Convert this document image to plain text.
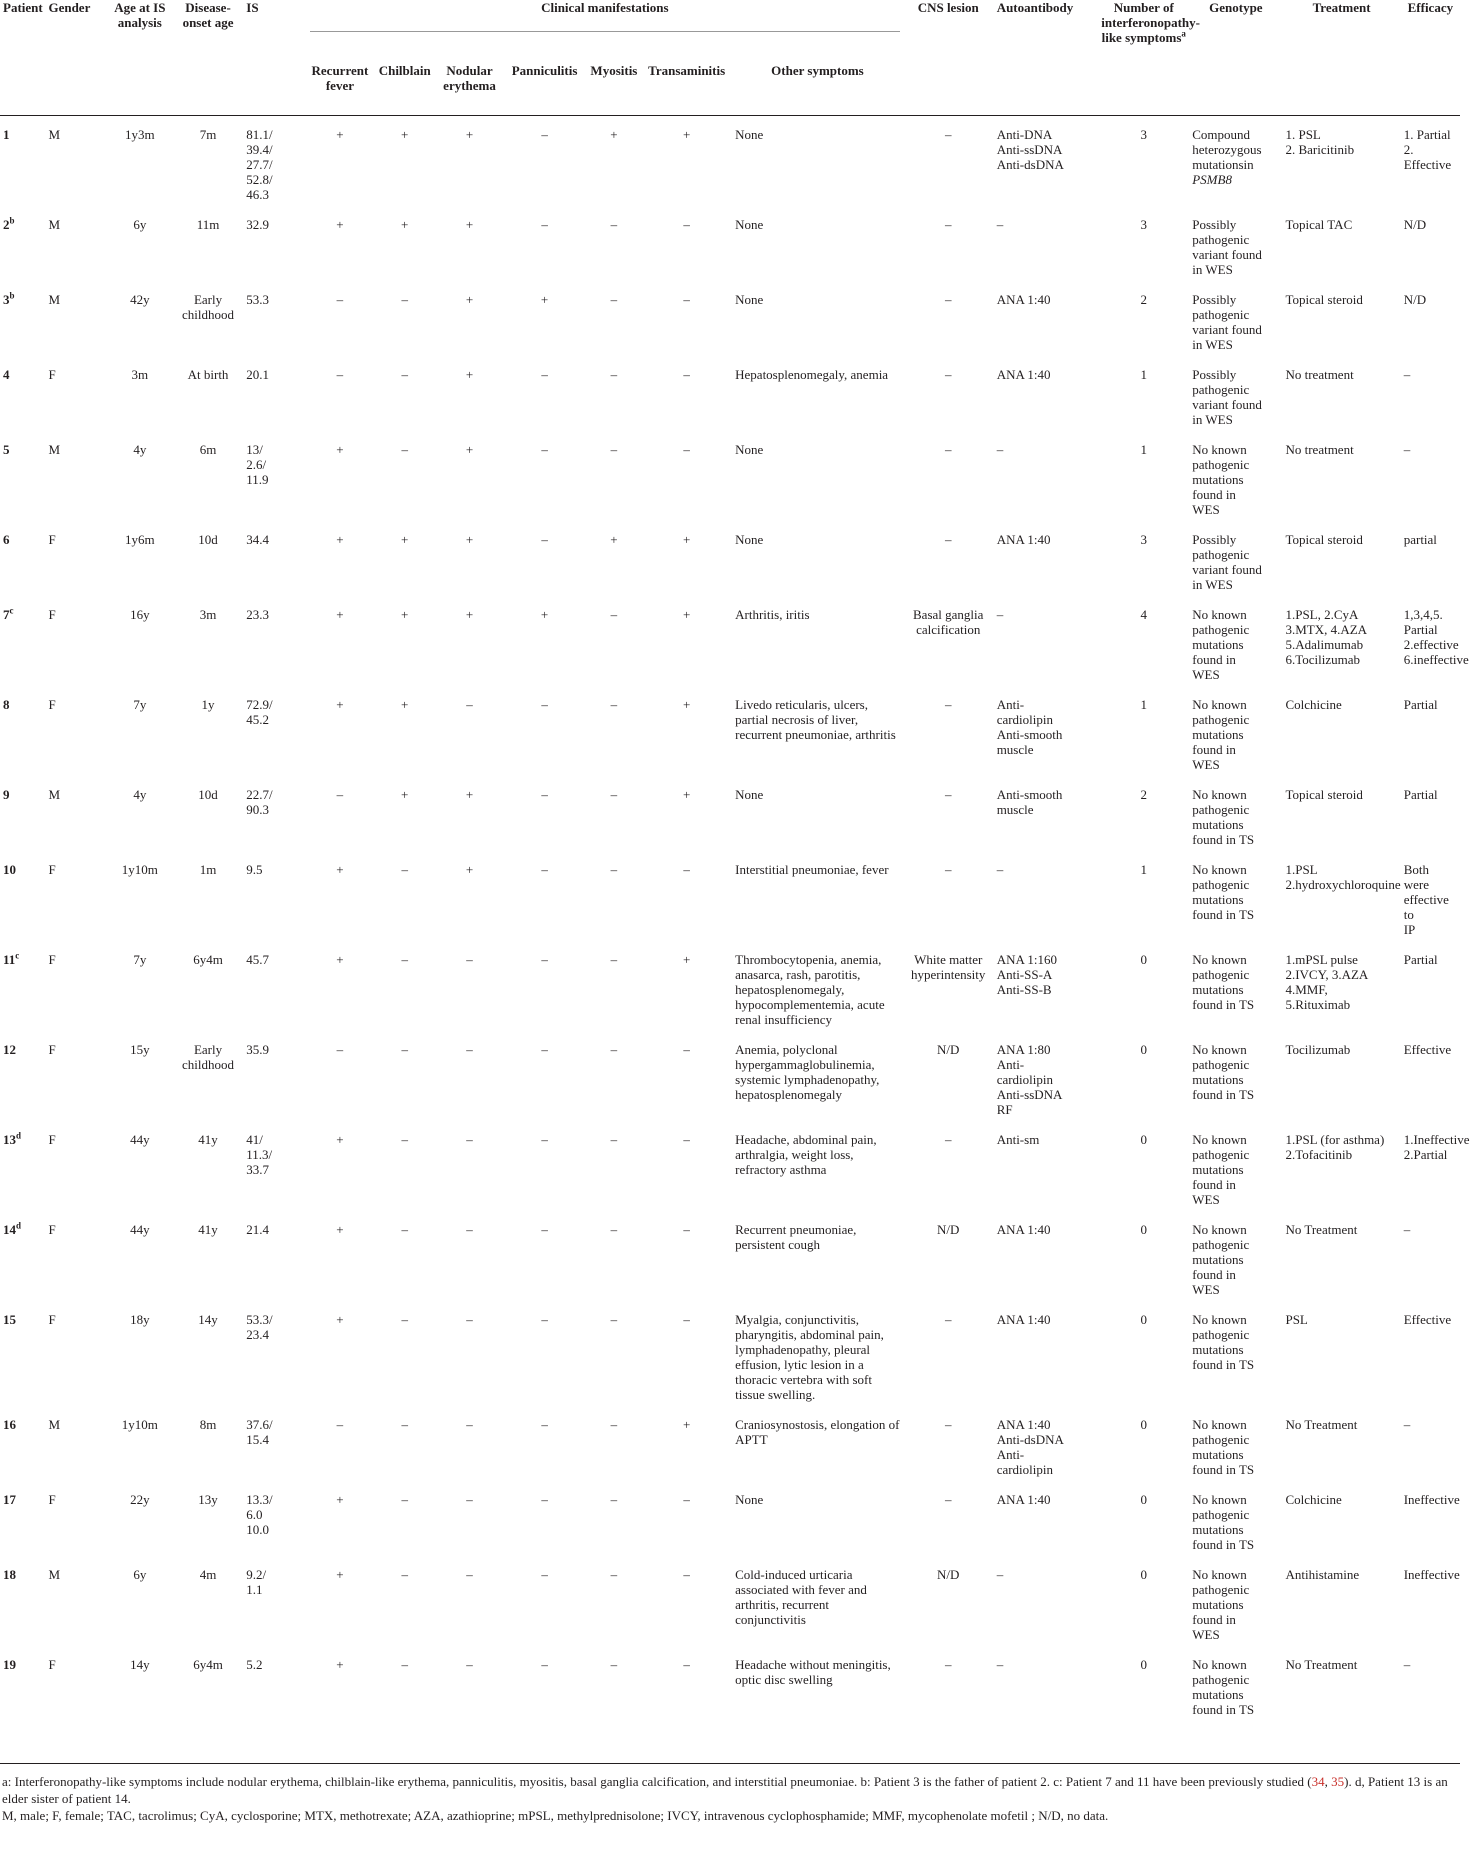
Patient	Gender	Age at IS analysis	Disease-onset age	IS	Clinical manifestations							CNS lesion	Autoantibody	Number of interferonopathy-like symptoms$^a$	Genotype	Treatment	Efficacy
					Recurrent fever	Chilblain	Nodular erythema	Panniculitis	Myositis	Transaminitis	Other symptoms						
1	M	1y3m	7m	81.1/
39.4/
27.7/
52.8/
46.3	+	+	+	–	+	+	None	–	Anti-DNA
Anti-ssDNA
Anti-dsDNA	3	Compound
heterozygous
mutationsin
PSMB8	1. PSL
2. Baricitinib	1. Partial
2. Effective

2$^b$	M	6y	11m	32.9	+	+	+	–	–	–	None	–	–	3	Possibly
pathogenic
variant found
in WES	Topical TAC	N/D

3$^b$	M	42y	Early childhood	53.3	–	–	+	+	–	–	None	–	ANA 1:40	2	Possibly
pathogenic
variant found
in WES	Topical steroid	N/D

4	F	3m	At birth	20.1	–	–	+	–	–	–	Hepatosplenomegaly, anemia	–	ANA 1:40	1	Possibly
pathogenic
variant found
in WES	No treatment	–

5	M	4y	6m	13/
2.6/
11.9	+	–	+	–	–	–	None	–	–	1	No known
pathogenic
mutations
found in
WES	No treatment	–

6	F	1y6m	10d	34.4	+	+	+	–	+	+	None	–	ANA 1:40	3	Possibly
pathogenic
variant found
in WES	Topical steroid	partial

7$^c$	F	16y	3m	23.3	+	+	+	+	–	+	Arthritis, iritis	Basal ganglia calcification	–	4	No known
pathogenic
mutations
found in
WES	1.PSL, 2.CyA
3.MTX, 4.AZA
5.Adalimumab
6.Tocilizumab	1,3,4,5.
Partial
2.effective
6.ineffective

8	F	7y	1y	72.9/
45.2	+	+	–	–	–	+	Livedo reticularis, ulcers, partial necrosis of liver, recurrent pneumoniae, arthritis	–	Anti-
cardiolipin
Anti-smooth
muscle	1	No known
pathogenic
mutations
found in
WES	Colchicine	Partial

9	M	4y	10d	22.7/
90.3	–	+	+	–	–	+	None	–	Anti-smooth
muscle	2	No known
pathogenic
mutations
found in TS	Topical steroid	Partial

10	F	1y10m	1m	9.5	+	–	+	–	–	–	Interstitial pneumoniae, fever	–	–	1	No known
pathogenic
mutations
found in TS	1.PSL
2.hydroxychloroquine	Both were
effective to
IP

11$^c$	F	7y	6y4m	45.7	+	–	–	–	–	+	Thrombocytopenia, anemia, anasarca, rash, parotitis, hepatosplenomegaly, hypocomplementemia, acute renal insufficiency	White matter hyperintensity	ANA 1:160
Anti-SS-A
Anti-SS-B	0	No known
pathogenic
mutations
found in TS	1.mPSL pulse
2.IVCY, 3.AZA
4.MMF,
5.Rituximab	Partial

12	F	15y	Early childhood	35.9	–	–	–	–	–	–	Anemia, polyclonal hypergammaglobulinemia, systemic lymphadenopathy, hepatosplenomegaly	N/D	ANA 1:80
Anti-
cardiolipin
Anti-ssDNA
RF	0	No known
pathogenic
mutations
found in TS	Tocilizumab	Effective

13$^d$	F	44y	41y	41/
11.3/
33.7	+	–	–	–	–	–	Headache, abdominal pain, arthralgia, weight loss, refractory asthma	–	Anti-sm	0	No known
pathogenic
mutations
found in
WES	1.PSL (for asthma)
2.Tofacitinib	1.Ineffective
2.Partial

14$^d$	F	44y	41y	21.4	+	–	–	–	–	–	Recurrent pneumoniae, persistent cough	N/D	ANA 1:40	0	No known
pathogenic
mutations
found in
WES	No Treatment	–

15	F	18y	14y	53.3/
23.4	+	–	–	–	–	–	Myalgia, conjunctivitis, pharyngitis, abdominal pain, lymphadenopathy, pleural effusion, lytic lesion in a thoracic vertebra with soft tissue swelling.	–	ANA 1:40	0	No known
pathogenic
mutations
found in TS	PSL	Effective

16	M	1y10m	8m	37.6/
15.4	–	–	–	–	–	+	Craniosynostosis, elongation of APTT	–	ANA 1:40
Anti-dsDNA
Anti-
cardiolipin	0	No known
pathogenic
mutations
found in TS	No Treatment	–

17	F	22y	13y	13.3/
6.0
10.0	+	–	–	–	–	–	None	–	ANA 1:40	0	No known
pathogenic
mutations
found in TS	Colchicine	Ineffective

18	M	6y	4m	9.2/
1.1	+	–	–	–	–	–	Cold-induced urticaria associated with fever and arthritis, recurrent conjunctivitis	N/D	–	0	No known
pathogenic
mutations
found in
WES	Antihistamine	Ineffective

19	F	14y	6y4m	5.2	+	–	–	–	–	–	Headache without meningitis, optic disc swelling	–	–	0	No known
pathogenic
mutations
found in TS	No Treatment	–
a: Interferonopathy-like symptoms include nodular erythema, chilblain-like erythema, panniculitis, myositis, basal ganglia calcification, and interstitial pneumoniae. b: Patient 3 is the father of patient 2. c: Patient 7 and 11 have been previously studied (34, 35). d, Patient 13 is an elder sister of patient 14.
M, male; F, female; TAC, tacrolimus; CyA, cyclosporine; MTX, methotrexate; AZA, azathioprine; mPSL, methylprednisolone; IVCY, intravenous cyclophosphamide; MMF, mycophenolate mofetil ; N/D, no data.
